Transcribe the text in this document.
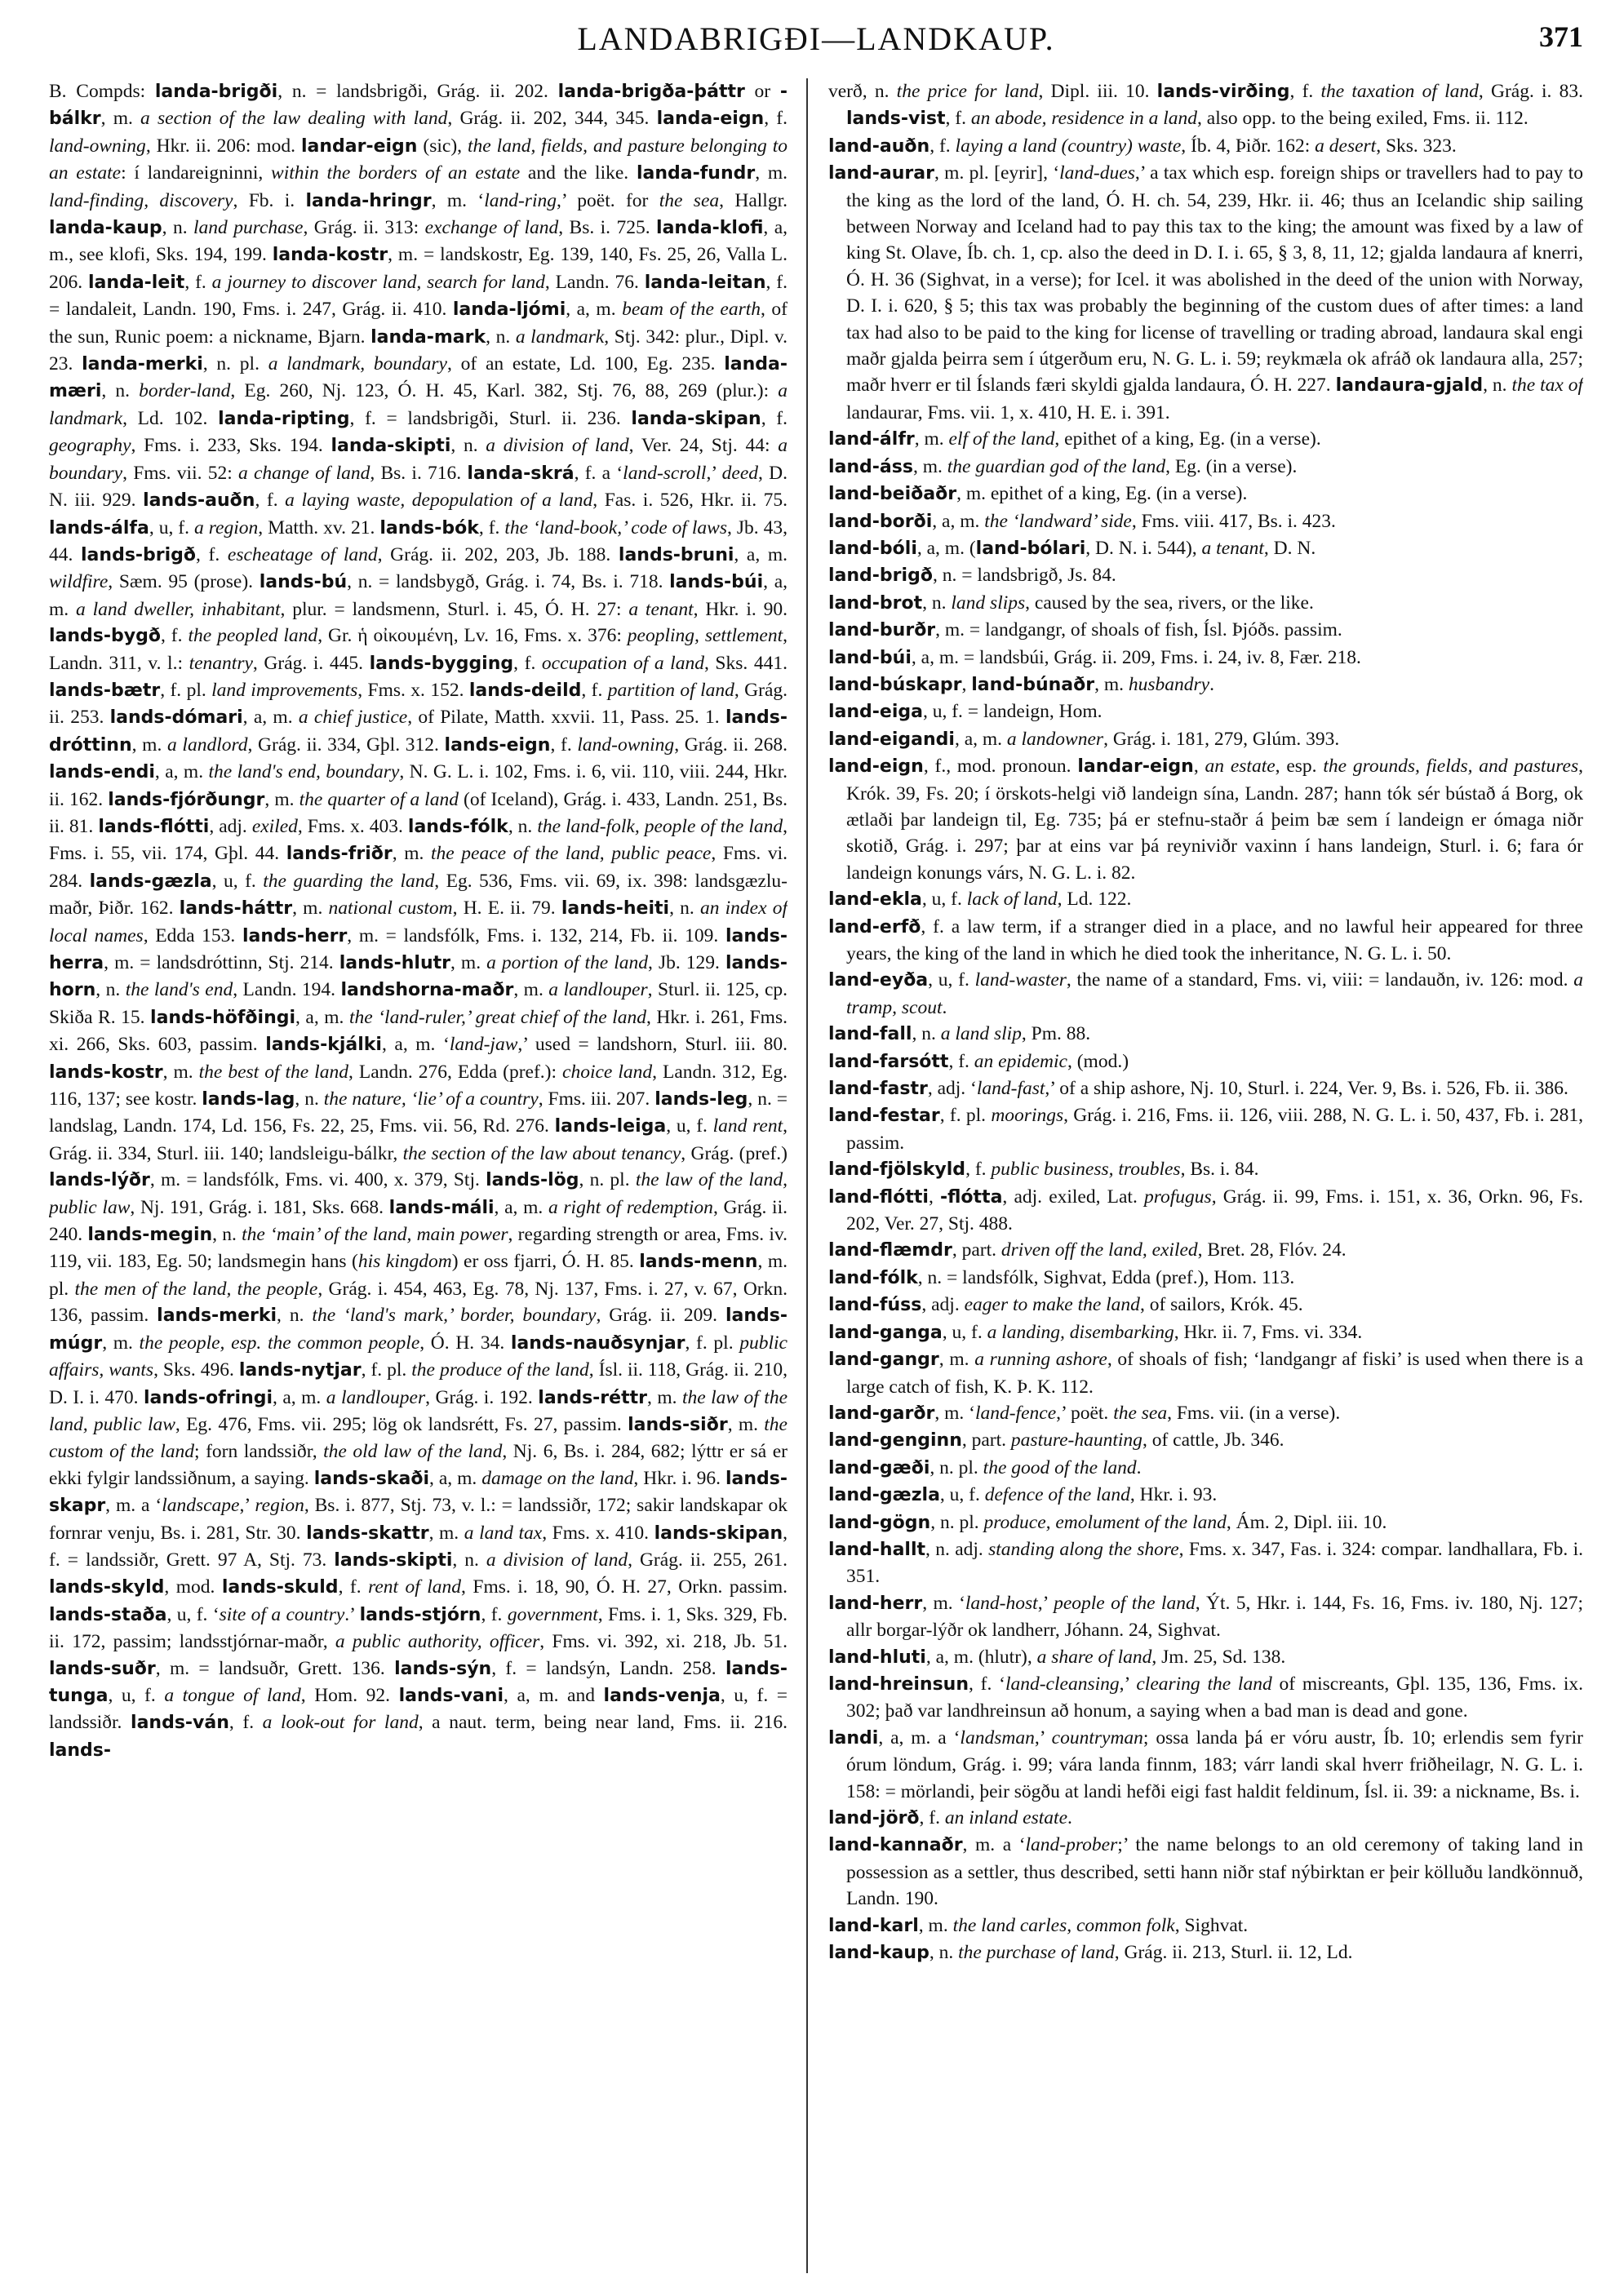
LANDABRIGÐI—LANDKAUP.	371

B. Compds: landa-brigði, n. = landsbrigði, Grág. ii. 202. landa-brigða-þáttr or -bálkr, m. a section of the law dealing with land, Grág. ii. 202, 344, 345. landa-eign, f. land-owning, Hkr. ii. 206: mod. landar-eign (sic), the land, fields, and pasture belonging to an estate: í landareigninni, within the borders of an estate and the like. landa-fundr, m. land-finding, discovery, Fb. i. landa-hringr, m. ‘land-ring,’ poët. for the sea, Hallgr. landa-kaup, n. land purchase, Grág. ii. 313: exchange of land, Bs. i. 725. landa-klofi, a, m., see klofi, Sks. 194, 199. landa-kostr, m. = landskostr, Eg. 139, 140, Fs. 25, 26, Valla L. 206. landa-leit, f. a journey to discover land, search for land, Landn. 76. landa-leitan, f. = landaleit, Landn. 190, Fms. i. 247, Grág. ii. 410. landa-ljómi, a, m. beam of the earth, of the sun, Runic poem: a nickname, Bjarn. landa-mark, n. a landmark, Stj. 342: plur., Dipl. v. 23. landa-merki, n. pl. a landmark, boundary, of an estate, Ld. 100, Eg. 235. landa-mæri, n. border-land, Eg. 260, Nj. 123, Ó. H. 45, Karl. 382, Stj. 76, 88, 269 (plur.): a landmark, Ld. 102. landa-ripting, f. = landsbrigði, Sturl. ii. 236. landa-skipan, f. geography, Fms. i. 233, Sks. 194. landa-skipti, n. a division of land, Ver. 24, Stj. 44: a boundary, Fms. vii. 52: a change of land, Bs. i. 716. landa-skrá, f. a ‘land-scroll,’ deed, D. N. iii. 929. lands-auðn, f. a laying waste, depopulation of a land, Fas. i. 526, Hkr. ii. 75. lands-álfa, u, f. a region, Matth. xv. 21. lands-bók, f. the ‘land-book,’ code of laws, Jb. 43, 44. lands-brigð, f. escheatage of land, Grág. ii. 202, 203, Jb. 188. lands-bruni, a, m. wildfire, Sæm. 95 (prose). lands-bú, n. = landsbygð, Grág. i. 74, Bs. i. 718. lands-búi, a, m. a land dweller, inhabitant, plur. = landsmenn, Sturl. i. 45, Ó. H. 27: a tenant, Hkr. i. 90. lands-bygð, f. the peopled land, Gr. ἡ οἰκουμένη, Lv. 16, Fms. x. 376: peopling, settlement, Landn. 311, v. l.: tenantry, Grág. i. 445. lands-bygging, f. occupation of a land, Sks. 441. lands-bætr, f. pl. land improvements, Fms. x. 152. lands-deild, f. partition of land, Grág. ii. 253. lands-dómari, a, m. a chief justice, of Pilate, Matth. xxvii. 11, Pass. 25. 1. lands-dróttinn, m. a landlord, Grág. ii. 334, Gþl. 312. lands-eign, f. land-owning, Grág. ii. 268. lands-endi, a, m. the land's end, boundary, N. G. L. i. 102, Fms. i. 6, vii. 110, viii. 244, Hkr. ii. 162. lands-fjórðungr, m. the quarter of a land (of Iceland), Grág. i. 433, Landn. 251, Bs. ii. 81. lands-flótti, adj. exiled, Fms. x. 403. lands-fólk, n. the land-folk, people of the land, Fms. i. 55, vii. 174, Gþl. 44. lands-friðr, m. the peace of the land, public peace, Fms. vi. 284. lands-gæzla, u, f. the guarding the land, Eg. 536, Fms. vii. 69, ix. 398: landsgæzlu-maðr, Þiðr. 162. lands-háttr, m. national custom, H. E. ii. 79. lands-heiti, n. an index of local names, Edda 153. lands-herr, m. = landsfólk, Fms. i. 132, 214, Fb. ii. 109. lands-herra, m. = landsdróttinn, Stj. 214. lands-hlutr, m. a portion of the land, Jb. 129. lands-horn, n. the land's end, Landn. 194. landshorna-maðr, m. a landlouper, Sturl. ii. 125, cp. Skiða R. 15. lands-höfðingi, a, m. the ‘land-ruler,’ great chief of the land, Hkr. i. 261, Fms. xi. 266, Sks. 603, passim. lands-kjálki, a, m. ‘land-jaw,’ used = landshorn, Sturl. iii. 80. lands-kostr, m. the best of the land, Landn. 276, Edda (pref.): choice land, Landn. 312, Eg. 116, 137; see kostr. lands-lag, n. the nature, ‘lie’ of a country, Fms. iii. 207. lands-leg, n. = landslag, Landn. 174, Ld. 156, Fs. 22, 25, Fms. vii. 56, Rd. 276. lands-leiga, u, f. land rent, Grág. ii. 334, Sturl. iii. 140; landsleigu-bálkr, the section of the law about tenancy, Grág. (pref.) lands-lýðr, m. = landsfólk, Fms. vi. 400, x. 379, Stj. lands-lög, n. pl. the law of the land, public law, Nj. 191, Grág. i. 181, Sks. 668. lands-máli, a, m. a right of redemption, Grág. ii. 240. lands-megin, n. the ‘main’ of the land, main power, regarding strength or area, Fms. iv. 119, vii. 183, Eg. 50; landsmegin hans (his kingdom) er oss fjarri, Ó. H. 85. lands-menn, m. pl. the men of the land, the people, Grág. i. 454, 463, Eg. 78, Nj. 137, Fms. i. 27, v. 67, Orkn. 136, passim. lands-merki, n. the ‘land's mark,’ border, boundary, Grág. ii. 209. lands-múgr, m. the people, esp. the common people, Ó. H. 34. lands-nauðsynjar, f. pl. public affairs, wants, Sks. 496. lands-nytjar, f. pl. the produce of the land, Ísl. ii. 118, Grág. ii. 210, D. I. i. 470. lands-ofringi, a, m. a landlouper, Grág. i. 192. lands-réttr, m. the law of the land, public law, Eg. 476, Fms. vii. 295; lög ok landsrétt, Fs. 27, passim. lands-siðr, m. the custom of the land; forn landssiðr, the old law of the land, Nj. 6, Bs. i. 284, 682; lýttr er sá er ekki fylgir landssiðnum, a saying. lands-skaði, a, m. damage on the land, Hkr. i. 96. lands-skapr, m. a ‘landscape,’ region, Bs. i. 877, Stj. 73, v. l.: = landssiðr, 172; sakir landskapar ok fornrar venju, Bs. i. 281, Str. 30. lands-skattr, m. a land tax, Fms. x. 410. lands-skipan, f. = landssiðr, Grett. 97 A, Stj. 73. lands-skipti, n. a division of land, Grág. ii. 255, 261. lands-skyld, mod. lands-skuld, f. rent of land, Fms. i. 18, 90, Ó. H. 27, Orkn. passim. lands-staða, u, f. ‘site of a country.’ lands-stjórn, f. government, Fms. i. 1, Sks. 329, Fb. ii. 172, passim; landsstjórnar-maðr, a public authority, officer, Fms. vi. 392, xi. 218, Jb. 51. lands-suðr, m. = landsuðr, Grett. 136. lands-sýn, f. = landsýn, Landn. 258. lands-tunga, u, f. a tongue of land, Hom. 92. lands-vani, a, m. and lands-venja, u, f. = landssiðr. lands-ván, f. a look-out for land, a naut. term, being near land, Fms. ii. 216. lands-

verð, n. the price for land, Dipl. iii. 10. lands-virðing, f. the taxation of land, Grág. i. 83. lands-vist, f. an abode, residence in a land, also opp. to the being exiled, Fms. ii. 112.

land-auðn, f. laying a land (country) waste, Íb. 4, Þiðr. 162: a desert, Sks. 323.

land-aurar, m. pl. [eyrir], ‘land-dues,’ a tax which esp. foreign ships or travellers had to pay to the king as the lord of the land, Ó. H. ch. 54, 239, Hkr. ii. 46; thus an Icelandic ship sailing between Norway and Iceland had to pay this tax to the king; the amount was fixed by a law of king St. Olave, Íb. ch. 1, cp. also the deed in D. I. i. 65, § 3, 8, 11, 12; gjalda landaura af knerri, Ó. H. 36 (Sighvat, in a verse); for Icel. it was abolished in the deed of the union with Norway, D. I. i. 620, § 5; this tax was probably the beginning of the custom dues of after times: a land tax had also to be paid to the king for license of travelling or trading abroad, landaura skal engi maðr gjalda þeirra sem í útgerðum eru, N. G. L. i. 59; reykmæla ok afráð ok landaura alla, 257; maðr hverr er til Íslands færi skyldi gjalda landaura, Ó. H. 227. landaura-gjald, n. the tax of landaurar, Fms. vii. 1, x. 410, H. E. i. 391.

land-álfr, m. elf of the land, epithet of a king, Eg. (in a verse).

land-áss, m. the guardian god of the land, Eg. (in a verse).

land-beiðaðr, m. epithet of a king, Eg. (in a verse).

land-borði, a, m. the ‘landward’ side, Fms. viii. 417, Bs. i. 423.

land-bóli, a, m. (land-bólari, D. N. i. 544), a tenant, D. N.

land-brigð, n. = landsbrigð, Js. 84.

land-brot, n. land slips, caused by the sea, rivers, or the like.

land-burðr, m. = landgangr, of shoals of fish, Ísl. Þjóðs. passim.

land-búi, a, m. = landsbúi, Grág. ii. 209, Fms. i. 24, iv. 8, Fær. 218.

land-búskapr, land-búnaðr, m. husbandry.

land-eiga, u, f. = landeign, Hom.

land-eigandi, a, m. a landowner, Grág. i. 181, 279, Glúm. 393.

land-eign, f., mod. pronoun. landar-eign, an estate, esp. the grounds, fields, and pastures, Krók. 39, Fs. 20; í örskots-helgi við landeign sína, Landn. 287; hann tók sér bústað á Borg, ok ætlaði þar landeign til, Eg. 735; þá er stefnu-staðr á þeim bæ sem í landeign er ómaga niðr skotið, Grág. i. 297; þar at eins var þá reyniviðr vaxinn í hans landeign, Sturl. i. 6; fara ór landeign konungs várs, N. G. L. i. 82.

land-ekla, u, f. lack of land, Ld. 122.

land-erfð, f. a law term, if a stranger died in a place, and no lawful heir appeared for three years, the king of the land in which he died took the inheritance, N. G. L. i. 50.

land-eyða, u, f. land-waster, the name of a standard, Fms. vi, viii: = landauðn, iv. 126: mod. a tramp, scout.

land-fall, n. a land slip, Pm. 88.

land-farsótt, f. an epidemic, (mod.)

land-fastr, adj. ‘land-fast,’ of a ship ashore, Nj. 10, Sturl. i. 224, Ver. 9, Bs. i. 526, Fb. ii. 386.

land-festar, f. pl. moorings, Grág. i. 216, Fms. ii. 126, viii. 288, N. G. L. i. 50, 437, Fb. i. 281, passim.

land-fjölskyld, f. public business, troubles, Bs. i. 84.

land-flótti, -flótta, adj. exiled, Lat. profugus, Grág. ii. 99, Fms. i. 151, x. 36, Orkn. 96, Fs. 202, Ver. 27, Stj. 488.

land-flæmdr, part. driven off the land, exiled, Bret. 28, Flóv. 24.

land-fólk, n. = landsfólk, Sighvat, Edda (pref.), Hom. 113.

land-fúss, adj. eager to make the land, of sailors, Krók. 45.

land-ganga, u, f. a landing, disembarking, Hkr. ii. 7, Fms. vi. 334.

land-gangr, m. a running ashore, of shoals of fish; ‘landgangr af fiski’ is used when there is a large catch of fish, K. Þ. K. 112.

land-garðr, m. ‘land-fence,’ poët. the sea, Fms. vii. (in a verse).

land-genginn, part. pasture-haunting, of cattle, Jb. 346.

land-gæði, n. pl. the good of the land.

land-gæzla, u, f. defence of the land, Hkr. i. 93.

land-gögn, n. pl. produce, emolument of the land, Ám. 2, Dipl. iii. 10.

land-hallt, n. adj. standing along the shore, Fms. x. 347, Fas. i. 324: compar. landhallara, Fb. i. 351.

land-herr, m. ‘land-host,’ people of the land, Ýt. 5, Hkr. i. 144, Fs. 16, Fms. iv. 180, Nj. 127; allr borgar-lýðr ok landherr, Jóhann. 24, Sighvat.

land-hluti, a, m. (hlutr), a share of land, Jm. 25, Sd. 138.

land-hreinsun, f. ‘land-cleansing,’ clearing the land of miscreants, Gþl. 135, 136, Fms. ix. 302; það var landhreinsun að honum, a saying when a bad man is dead and gone.

landi, a, m. a ‘landsman,’ countryman; ossa landa þá er vóru austr, Íb. 10; erlendis sem fyrir órum löndum, Grág. i. 99; vára landa finnm, 183; várr landi skal hverr friðheilagr, N. G. L. i. 158: = mörlandi, þeir sögðu at landi hefði eigi fast haldit feldinum, Ísl. ii. 39: a nickname, Bs. i.

land-jörð, f. an inland estate.

land-kannaðr, m. a ‘land-prober;’ the name belongs to an old ceremony of taking land in possession as a settler, thus described, setti hann niðr staf nýbirktan er þeir kölluðu landkönnuð, Landn. 190.

land-karl, m. the land carles, common folk, Sighvat.

land-kaup, n. the purchase of land, Grág. ii. 213, Sturl. ii. 12, Ld.
